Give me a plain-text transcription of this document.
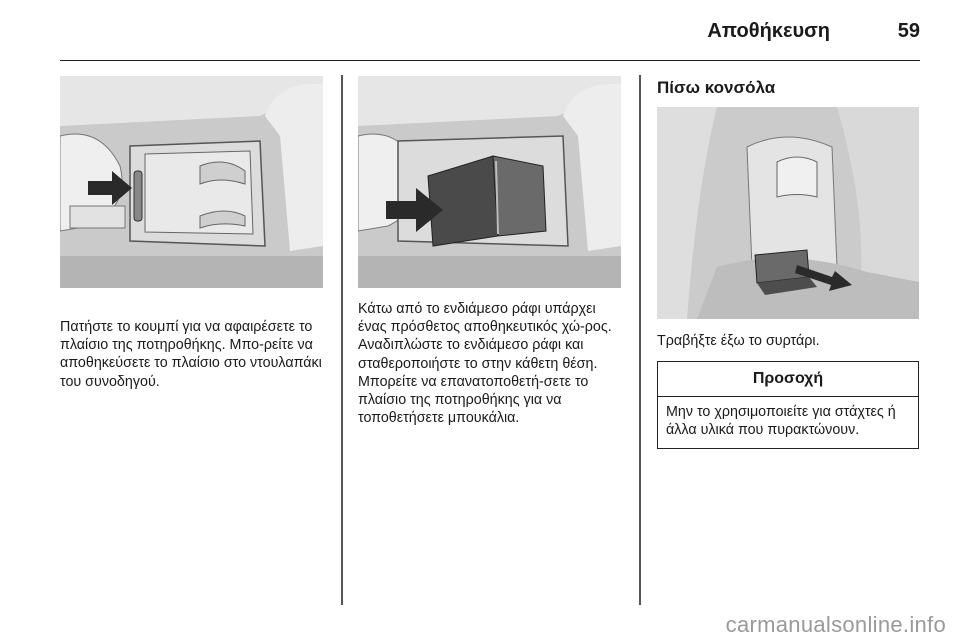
Αποθήκευση	59

Πατήστε το κουμπί για να αφαιρέσετε το πλαίσιο της ποτηροθήκης. Μπο-ρείτε να αποθηκεύσετε το πλαίσιο στο ντουλαπάκι του συνοδηγού.

Κάτω από το ενδιάμεσο ράφι υπάρχει ένας πρόσθετος αποθηκευτικός χώ-ρος. Αναδιπλώστε το ενδιάμεσο ράφι και σταθεροποιήστε το στην κάθετη θέση. Μπορείτε να επανατοποθετή-σετε το πλαίσιο της ποτηροθήκης για να τοποθετήσετε μπουκάλια.

Πίσω κονσόλα

Τραβήξτε έξω το συρτάρι.

Προσοχή
Μην το χρησιμοποιείτε για στάχτες ή άλλα υλικά που πυρακτώνουν.
carmanualsonline.info
